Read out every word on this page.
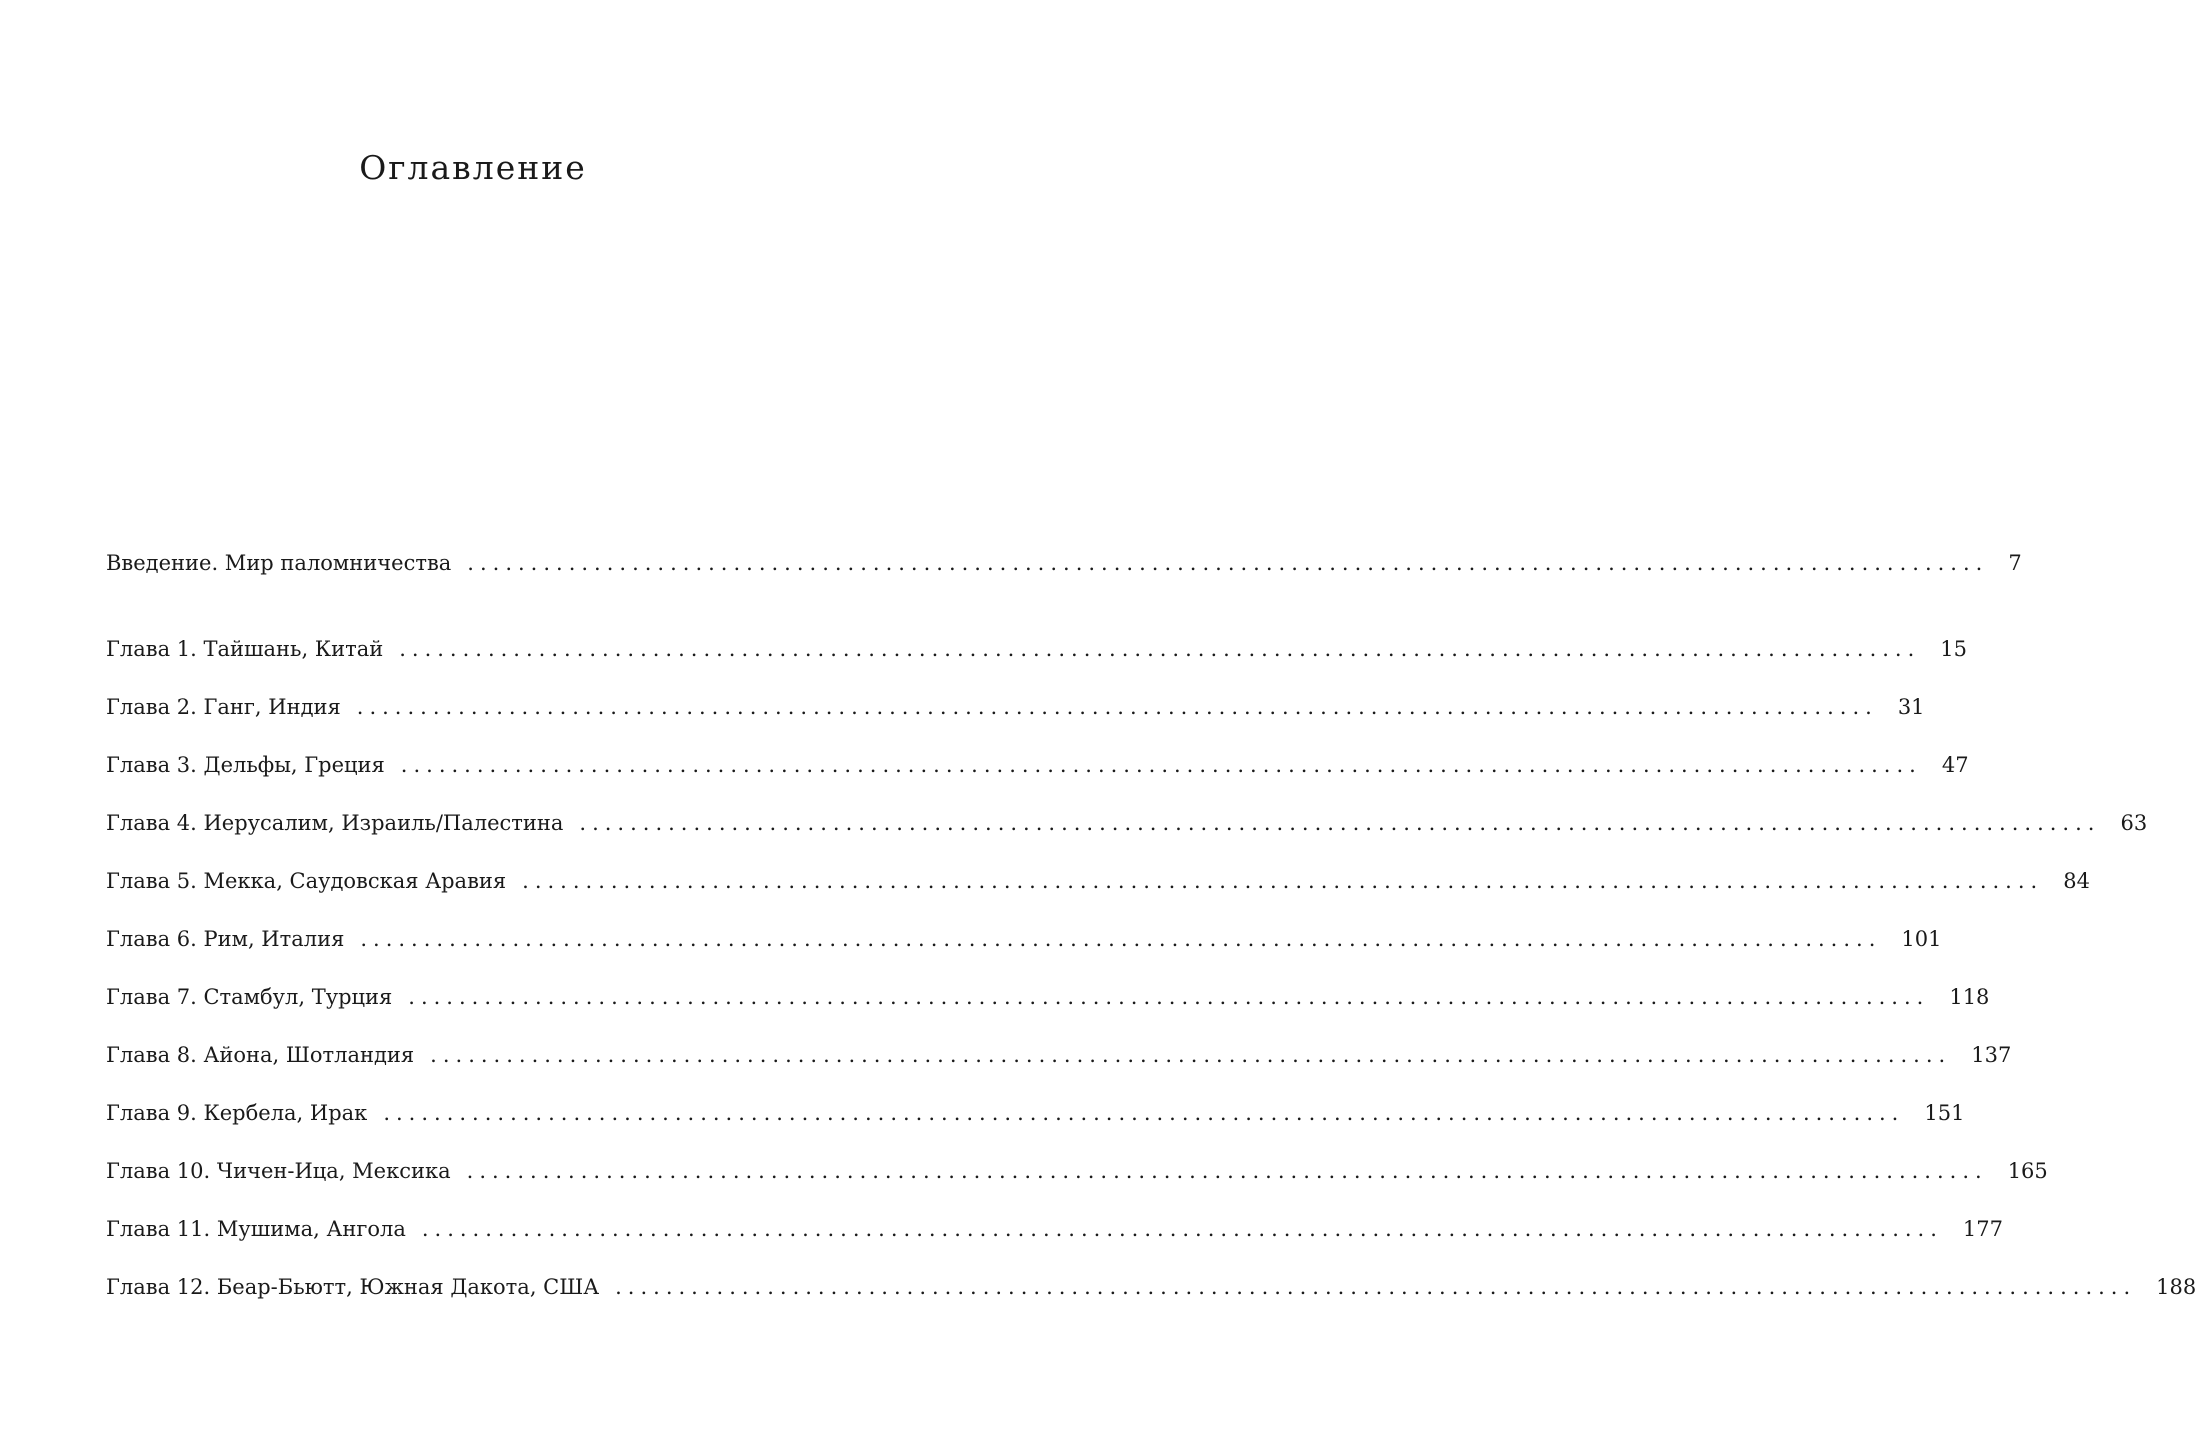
Оглавление
Введение. Мир паломничества ........................................................................................................................ 7
Глава 1. Тайшань, Китай ........................................................................................................................ 15
Глава 2. Ганг, Индия ........................................................................................................................ 31
Глава 3. Дельфы, Греция ........................................................................................................................ 47
Глава 4. Иерусалим, Израиль/Палестина ........................................................................................................................ 63
Глава 5. Мекка, Саудовская Аравия ........................................................................................................................ 84
Глава 6. Рим, Италия ........................................................................................................................ 101
Глава 7. Стамбул, Турция ........................................................................................................................ 118
Глава 8. Айона, Шотландия ........................................................................................................................ 137
Глава 9. Кербела, Ирак ........................................................................................................................ 151
Глава 10. Чичен-Ица, Мексика ........................................................................................................................ 165
Глава 11. Мушима, Ангола ........................................................................................................................ 177
Глава 12. Беар-Бьютт, Южная Дакота, США ........................................................................................................................ 188
